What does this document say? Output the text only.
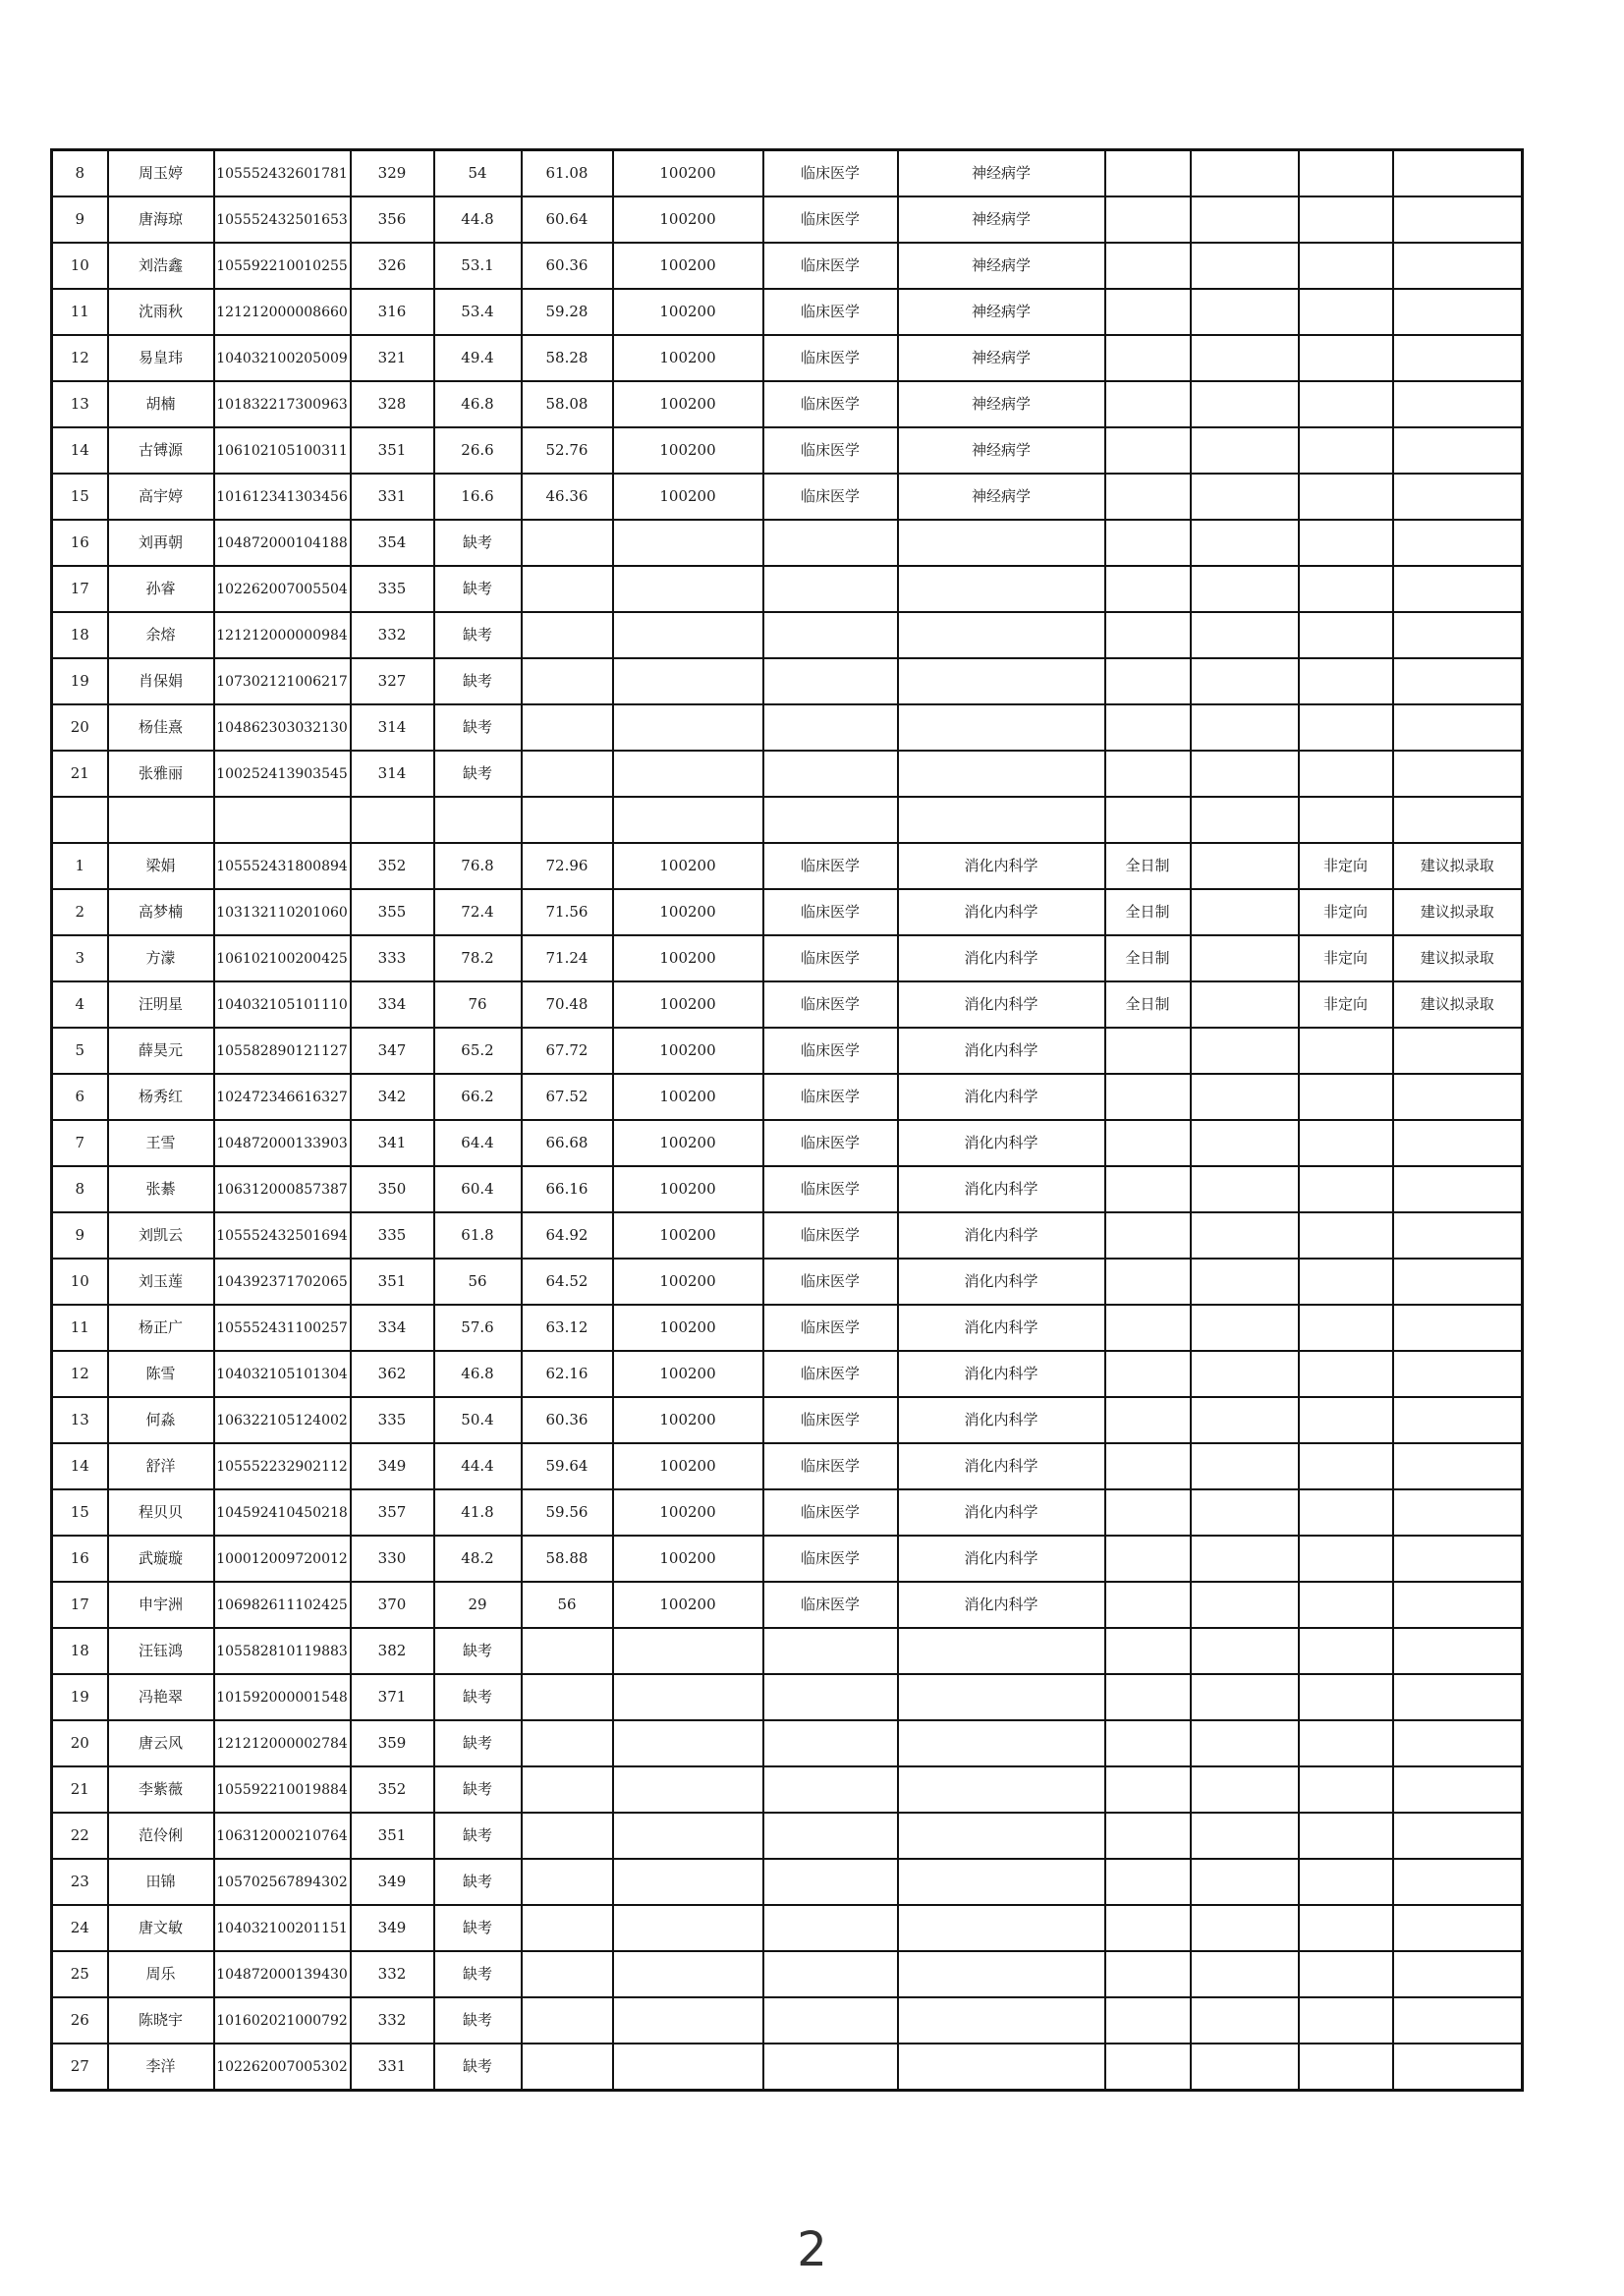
8	周玉婷	105552432601781	329	54	61.08	100200	临床医学	神经病学				
9	唐海琼	105552432501653	356	44.8	60.64	100200	临床医学	神经病学				
10	刘浩鑫	105592210010255	326	53.1	60.36	100200	临床医学	神经病学				
11	沈雨秋	121212000008660	316	53.4	59.28	100200	临床医学	神经病学				
12	易皇玮	104032100205009	321	49.4	58.28	100200	临床医学	神经病学				
13	胡楠	101832217300963	328	46.8	58.08	100200	临床医学	神经病学				
14	古镈源	106102105100311	351	26.6	52.76	100200	临床医学	神经病学				
15	高宇婷	101612341303456	331	16.6	46.36	100200	临床医学	神经病学				
16	刘再朝	104872000104188	354	缺考								
17	孙睿	102262007005504	335	缺考								
18	余熔	121212000000984	332	缺考								
19	肖保娟	107302121006217	327	缺考								
20	杨佳熹	104862303032130	314	缺考								
21	张雅丽	100252413903545	314	缺考								

1	梁娟	105552431800894	352	76.8	72.96	100200	临床医学	消化内科学	全日制		非定向	建议拟录取
2	高梦楠	103132110201060	355	72.4	71.56	100200	临床医学	消化内科学	全日制		非定向	建议拟录取
3	方濛	106102100200425	333	78.2	71.24	100200	临床医学	消化内科学	全日制		非定向	建议拟录取
4	汪明星	104032105101110	334	76	70.48	100200	临床医学	消化内科学	全日制		非定向	建议拟录取
5	薛昊元	105582890121127	347	65.2	67.72	100200	临床医学	消化内科学				
6	杨秀红	102472346616327	342	66.2	67.52	100200	临床医学	消化内科学				
7	王雪	104872000133903	341	64.4	66.68	100200	临床医学	消化内科学				
8	张綦	106312000857387	350	60.4	66.16	100200	临床医学	消化内科学				
9	刘凯云	105552432501694	335	61.8	64.92	100200	临床医学	消化内科学				
10	刘玉莲	104392371702065	351	56	64.52	100200	临床医学	消化内科学				
11	杨正广	105552431100257	334	57.6	63.12	100200	临床医学	消化内科学				
12	陈雪	104032105101304	362	46.8	62.16	100200	临床医学	消化内科学				
13	何淼	106322105124002	335	50.4	60.36	100200	临床医学	消化内科学				
14	舒洋	105552232902112	349	44.4	59.64	100200	临床医学	消化内科学				
15	程贝贝	104592410450218	357	41.8	59.56	100200	临床医学	消化内科学				
16	武璇璇	100012009720012	330	48.2	58.88	100200	临床医学	消化内科学				
17	申宇洲	106982611102425	370	29	56	100200	临床医学	消化内科学				
18	汪钰鸿	105582810119883	382	缺考								
19	冯艳翠	101592000001548	371	缺考								
20	唐云风	121212000002784	359	缺考								
21	李紫薇	105592210019884	352	缺考								
22	范伶俐	106312000210764	351	缺考								
23	田锦	105702567894302	349	缺考								
24	唐文敏	104032100201151	349	缺考								
25	周乐	104872000139430	332	缺考								
26	陈晓宇	101602021000792	332	缺考								
27	李洋	102262007005302	331	缺考								
2
